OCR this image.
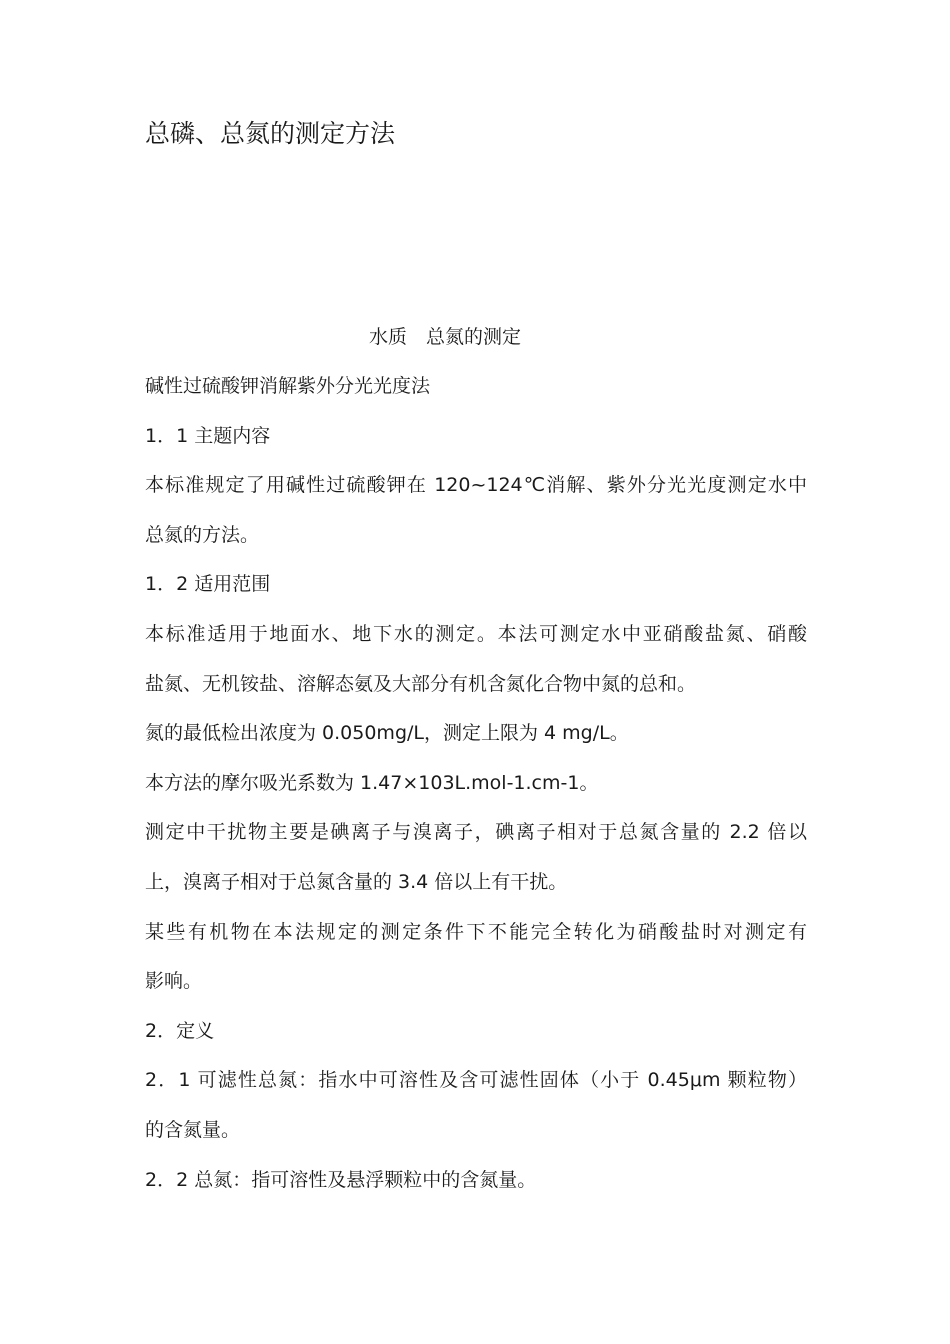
总磷、总氮的测定方法
水质　总氮的测定
碱性过硫酸钾消解紫外分光光度法
1．1 主题内容
本标准规定了用碱性过硫酸钾在 120~124℃消解、紫外分光光度测定水中
总氮的方法。
1．2 适用范围
本标准适用于地面水、地下水的测定。本法可测定水中亚硝酸盐氮、硝酸
盐氮、无机铵盐、溶解态氨及大部分有机含氮化合物中氮的总和。
氮的最低检出浓度为 0.050mg/L，测定上限为 4 mg/L。
本方法的摩尔吸光系数为 1.47×103L.mol-1.cm-1。
测定中干扰物主要是碘离子与溴离子，碘离子相对于总氮含量的 2.2 倍以
上，溴离子相对于总氮含量的 3.4 倍以上有干扰。
某些有机物在本法规定的测定条件下不能完全转化为硝酸盐时对测定有
影响。
2．定义
2．1 可滤性总氮：指水中可溶性及含可滤性固体（小于 0.45μm 颗粒物）
的含氮量。
2．2 总氮：指可溶性及悬浮颗粒中的含氮量。
